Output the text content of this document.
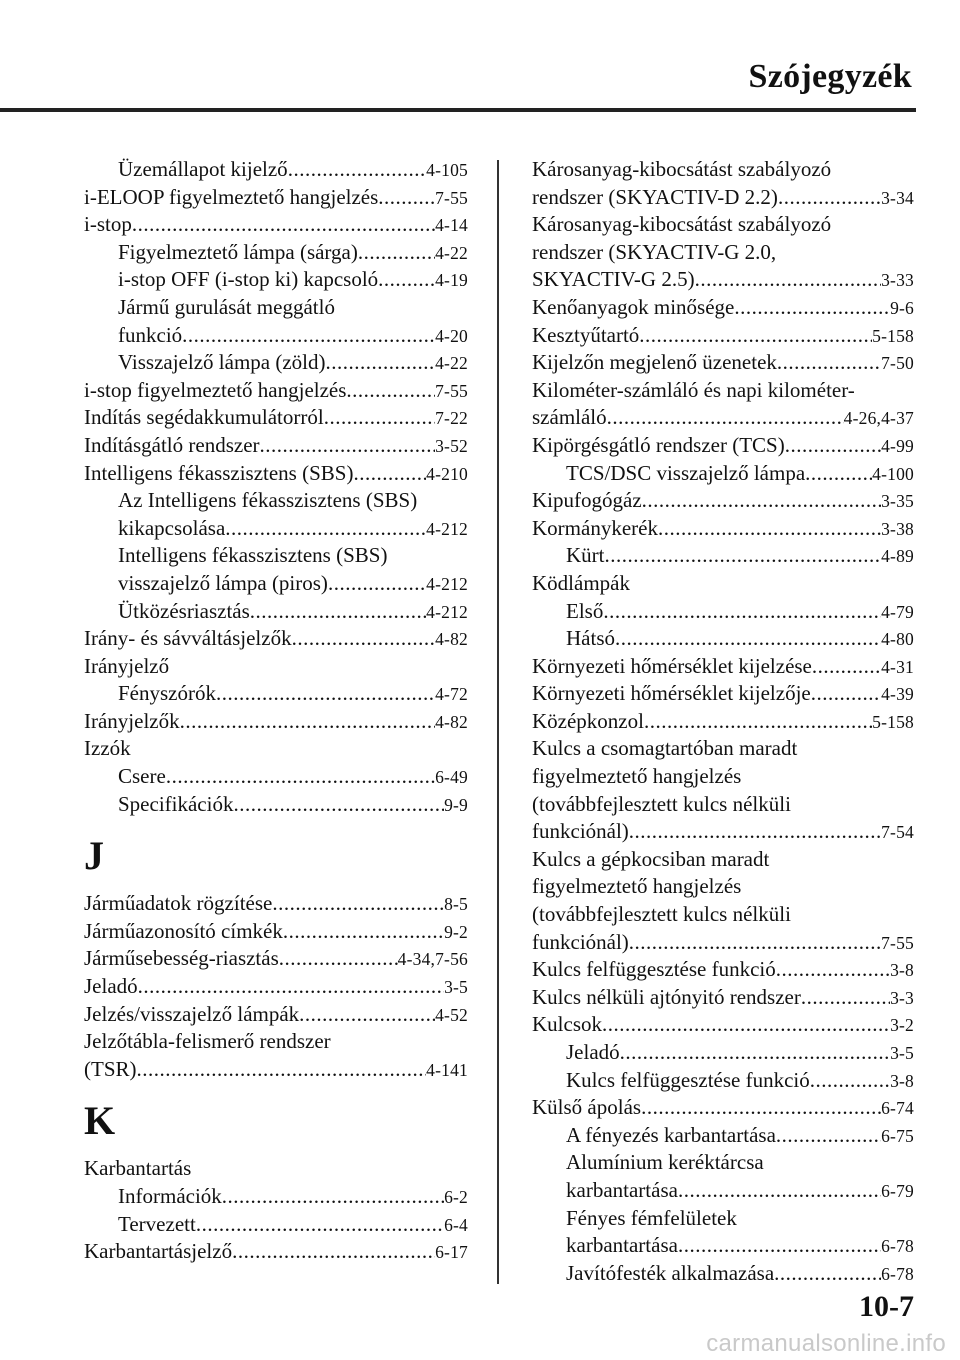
Szójegyzék
Üzemállapot kijelző .....	4-105
i-ELOOP figyelmeztető hangjelzés .....	7-55
i-stop .....	4-14
Figyelmeztető lámpa (sárga) .....	4-22
i-stop OFF (i-stop ki) kapcsoló .....	4-19
Jármű gurulását meggátló
funkció .....	4-20
Visszajelző lámpa (zöld) .....	4-22
i-stop figyelmeztető hangjelzés .....	7-55
Indítás segédakkumulátorról .....	7-22
Indításgátló rendszer .....	3-52
Intelligens fékasszisztens (SBS) .....	4-210
Az Intelligens fékasszisztens (SBS)
kikapcsolása .....	4-212
Intelligens fékasszisztens (SBS)
visszajelző lámpa (piros) .....	4-212
Ütközésriasztás .....	4-212
Irány- és sávváltásjelzők .....	4-82
Irányjelző
Fényszórók .....	4-72
Irányjelzők .....	4-82
Izzók
Csere .....	6-49
Specifikációk .....	9-9
J
Járműadatok rögzítése .....	8-5
Járműazonosító címkék .....	9-2
Járműsebesség-riasztás .....	4-34,7-56
Jeladó .....	3-5
Jelzés/visszajelző lámpák .....	4-52
Jelzőtábla-felismerő rendszer
(TSR) .....	4-141
K
Karbantartás
Információk .....	6-2
Tervezett .....	6-4
Karbantartásjelző .....	6-17
Károsanyag-kibocsátást szabályozó
rendszer (SKYACTIV-D 2.2) .....	3-34
Károsanyag-kibocsátást szabályozó
rendszer (SKYACTIV-G 2.0,
SKYACTIV-G 2.5) .....	3-33
Kenőanyagok minősége .....	9-6
Kesztyűtartó .....	5-158
Kijelzőn megjelenő üzenetek .....	7-50
Kilométer-számláló és napi kilométer-
számláló .....	4-26,4-37
Kipörgésgátló rendszer (TCS) .....	4-99
TCS/DSC visszajelző lámpa .....	4-100
Kipufogógáz .....	3-35
Kormánykerék .....	3-38
Kürt .....	4-89
Ködlámpák
Első .....	4-79
Hátsó .....	4-80
Környezeti hőmérséklet kijelzése .....	4-31
Környezeti hőmérséklet kijelzője .....	4-39
Középkonzol .....	5-158
Kulcs a csomagtartóban maradt
figyelmeztető hangjelzés
(továbbfejlesztett kulcs nélküli
funkciónál) .....	7-54
Kulcs a gépkocsiban maradt
figyelmeztető hangjelzés
(továbbfejlesztett kulcs nélküli
funkciónál) .....	7-55
Kulcs felfüggesztése funkció .....	3-8
Kulcs nélküli ajtónyitó rendszer .....	3-3
Kulcsok .....	3-2
Jeladó .....	3-5
Kulcs felfüggesztése funkció .....	3-8
Külső ápolás .....	6-74
A fényezés karbantartása .....	6-75
Alumínium keréktárcsa
karbantartása .....	6-79
Fényes fémfelületek
karbantartása .....	6-78
Javítófesték alkalmazása .....	6-78
10-7
carmanualsonline.info
